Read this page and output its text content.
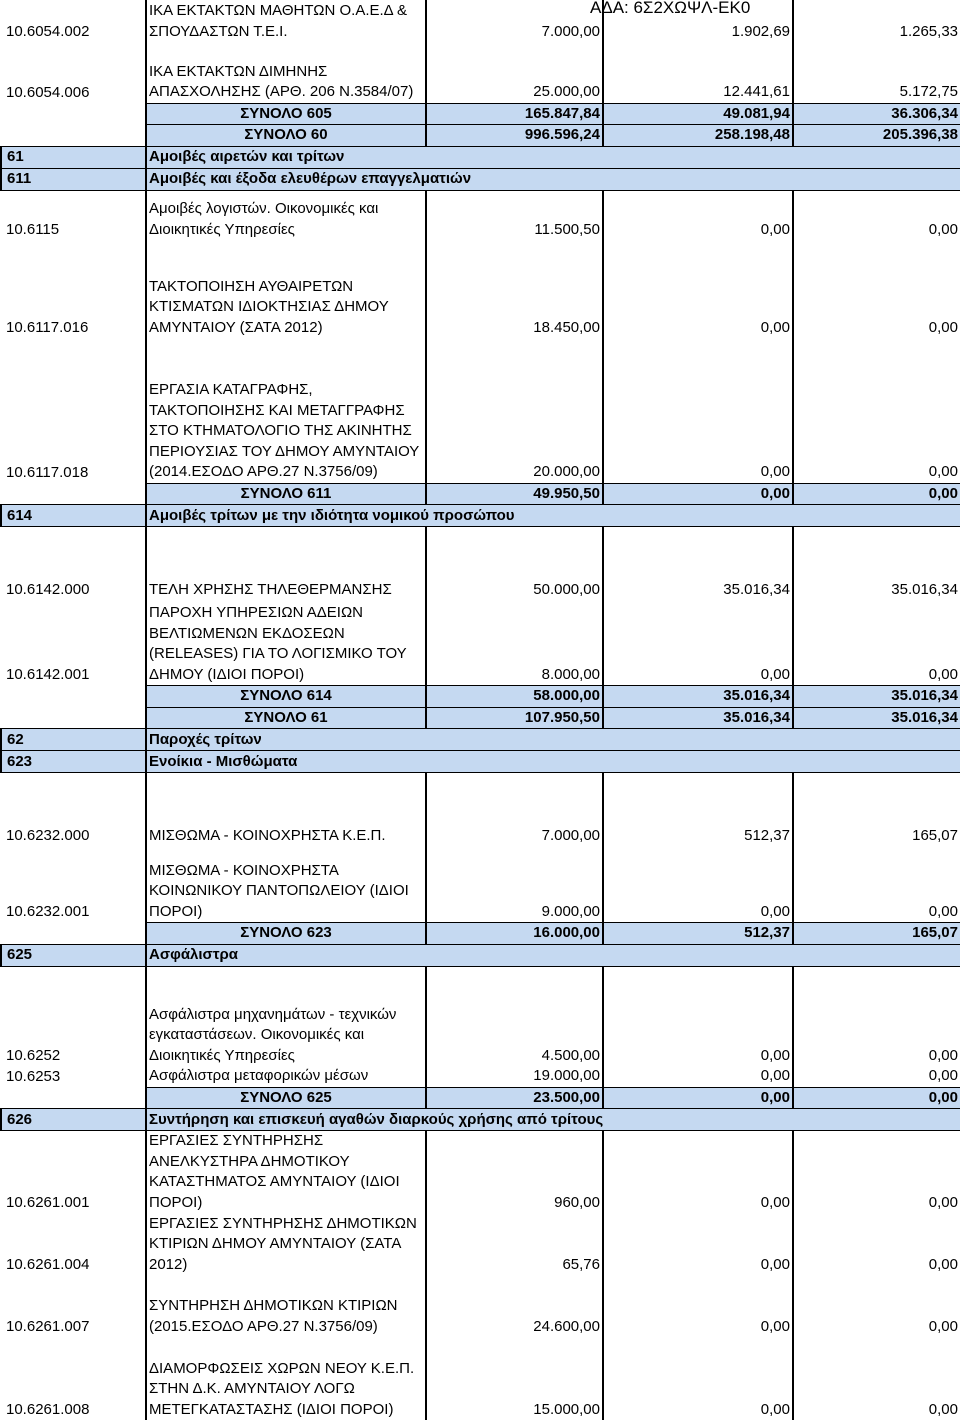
ΑΔΑ: 6Σ2ΧΩΨΛ-ΕΚ0
10.6054.002	ΙΚΑ ΕΚΤΑΚΤΩΝ ΜΑΘΗΤΩΝ Ο.Α.Ε.Δ & ΣΠΟΥΔΑΣΤΩΝ Τ.Ε.Ι.	7.000,00	1.902,69	1.265,33
10.6054.006	ΙΚΑ ΕΚΤΑΚΤΩΝ ΔΙΜΗΝΗΣ ΑΠΑΣΧΟΛΗΣΗΣ (ΑΡΘ. 206 Ν.3584/07)	25.000,00	12.441,61	5.172,75
	ΣΥΝΟΛΟ 605	165.847,84	49.081,94	36.306,34
	ΣΥΝΟΛΟ 60	996.596,24	258.198,48	205.396,38
61	Αμοιβές αιρετών και τρίτων			
611	Αμοιβές και έξοδα ελευθέρων επαγγελματιών			
10.6115	Αμοιβές λογιστών. Οικονομικές και Διοικητικές Υπηρεσίες	11.500,50	0,00	0,00
10.6117.016	ΤΑΚΤΟΠΟΙΗΣΗ ΑΥΘΑΙΡΕΤΩΝ ΚΤΙΣΜΑΤΩΝ ΙΔΙΟΚΤΗΣΙΑΣ ΔΗΜΟΥ ΑΜΥΝΤΑΙΟΥ (ΣΑΤΑ 2012)	18.450,00	0,00	0,00
10.6117.018	ΕΡΓΑΣΙΑ ΚΑΤΑΓΡΑΦΗΣ, ΤΑΚΤΟΠΟΙΗΣΗΣ ΚΑΙ ΜΕΤΑΓΓΡΑΦΗΣ ΣΤΟ ΚΤΗΜΑΤΟΛΟΓΙΟ ΤΗΣ ΑΚΙΝΗΤΗΣ ΠΕΡΙΟΥΣΙΑΣ ΤΟΥ ΔΗΜΟΥ ΑΜΥΝΤΑΙΟΥ (2014.ΕΣΟΔΟ ΑΡΘ.27 Ν.3756/09)	20.000,00	0,00	0,00
	ΣΥΝΟΛΟ 611	49.950,50	0,00	0,00
614	Αμοιβές τρίτων με την ιδιότητα νομικού προσώπου			
10.6142.000	ΤΕΛΗ ΧΡΗΣΗΣ ΤΗΛΕΘΕΡΜΑΝΣΗΣ	50.000,00	35.016,34	35.016,34
10.6142.001	ΠΑΡΟΧΗ ΥΠΗΡΕΣΙΩΝ ΑΔΕΙΩΝ ΒΕΛΤΙΩΜΕΝΩΝ ΕΚΔΟΣΕΩΝ (RELEASES) ΓΙΑ ΤΟ ΛΟΓΙΣΜΙΚΟ ΤΟΥ ΔΗΜΟΥ (ΙΔΙΟΙ ΠΟΡΟΙ)	8.000,00	0,00	0,00
	ΣΥΝΟΛΟ 614	58.000,00	35.016,34	35.016,34
	ΣΥΝΟΛΟ 61	107.950,50	35.016,34	35.016,34
62	Παροχές τρίτων			
623	Ενοίκια - Μισθώματα			
10.6232.000	ΜΙΣΘΩΜΑ - ΚΟΙΝΟΧΡΗΣΤΑ Κ.Ε.Π.	7.000,00	512,37	165,07
10.6232.001	ΜΙΣΘΩΜΑ - ΚΟΙΝΟΧΡΗΣΤΑ ΚΟΙΝΩΝΙΚΟΥ ΠΑΝΤΟΠΩΛΕΙΟΥ (ΙΔΙΟΙ ΠΟΡΟΙ)	9.000,00	0,00	0,00
	ΣΥΝΟΛΟ 623	16.000,00	512,37	165,07
625	Ασφάλιστρα			
10.6252	Ασφάλιστρα μηχανημάτων - τεχνικών εγκαταστάσεων. Οικονομικές και Διοικητικές Υπηρεσίες	4.500,00	0,00	0,00
10.6253	Ασφάλιστρα μεταφορικών μέσων	19.000,00	0,00	0,00
	ΣΥΝΟΛΟ 625	23.500,00	0,00	0,00
626	Συντήρηση και επισκευή αγαθών διαρκούς χρήσης από τρίτους			
10.6261.001	ΕΡΓΑΣΙΕΣ ΣΥΝΤΗΡΗΣΗΣ ΑΝΕΛΚΥΣΤΗΡΑ ΔΗΜΟΤΙΚΟΥ ΚΑΤΑΣΤΗΜΑΤΟΣ ΑΜΥΝΤΑΙΟΥ (ΙΔΙΟΙ ΠΟΡΟΙ)	960,00	0,00	0,00
10.6261.004	ΕΡΓΑΣΙΕΣ ΣΥΝΤΗΡΗΣΗΣ ΔΗΜΟΤΙΚΩΝ ΚΤΙΡΙΩΝ ΔΗΜΟΥ ΑΜΥΝΤΑΙΟΥ (ΣΑΤΑ 2012)	65,76	0,00	0,00
10.6261.007	ΣΥΝΤΗΡΗΣΗ ΔΗΜΟΤΙΚΩΝ ΚΤΙΡΙΩΝ (2015.ΕΣΟΔΟ ΑΡΘ.27 Ν.3756/09)	24.600,00	0,00	0,00
10.6261.008	ΔΙΑΜΟΡΦΩΣΕΙΣ ΧΩΡΩΝ ΝΕΟΥ Κ.Ε.Π. ΣΤΗΝ Δ.Κ. ΑΜΥΝΤΑΙΟΥ ΛΟΓΩ ΜΕΤΕΓΚΑΤΑΣΤΑΣΗΣ (ΙΔΙΟΙ ΠΟΡΟΙ)	15.000,00	0,00	0,00
